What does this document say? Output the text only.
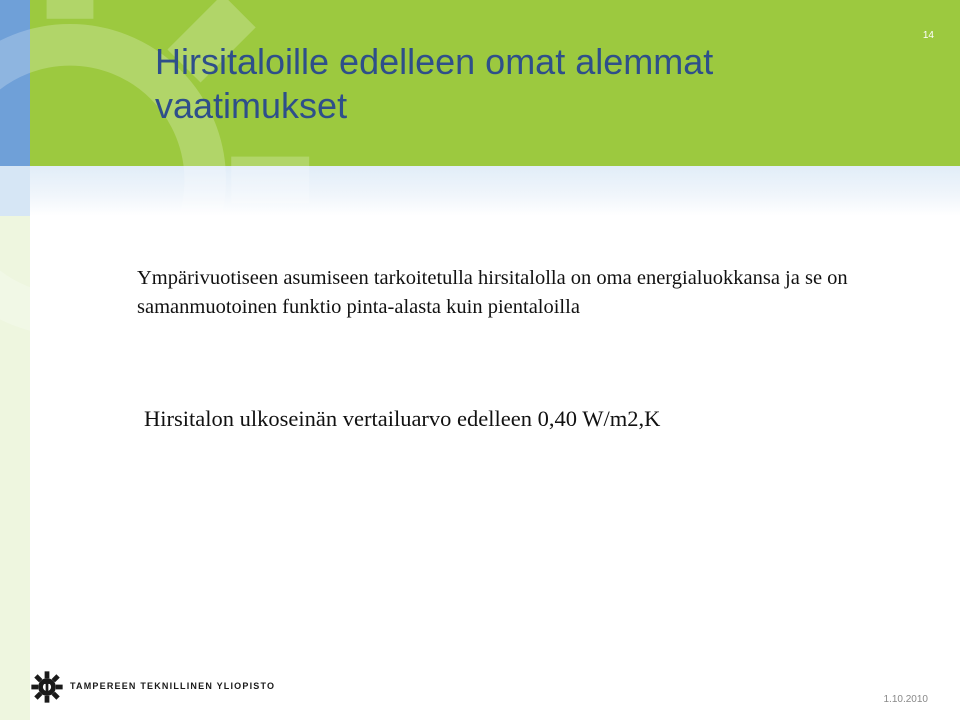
14
Hirsitaloille edelleen omat alemmat vaatimukset

Ympärivuotiseen asumiseen tarkoitetulla hirsitalolla on oma energialuokkansa ja se on samanmuotoinen funktio pinta-alasta kuin pientaloilla

Hirsitalon ulkoseinän vertailuarvo edelleen 0,40 W/m2,K

TAMPEREEN TEKNILLINEN YLIOPISTO
1.10.2010
